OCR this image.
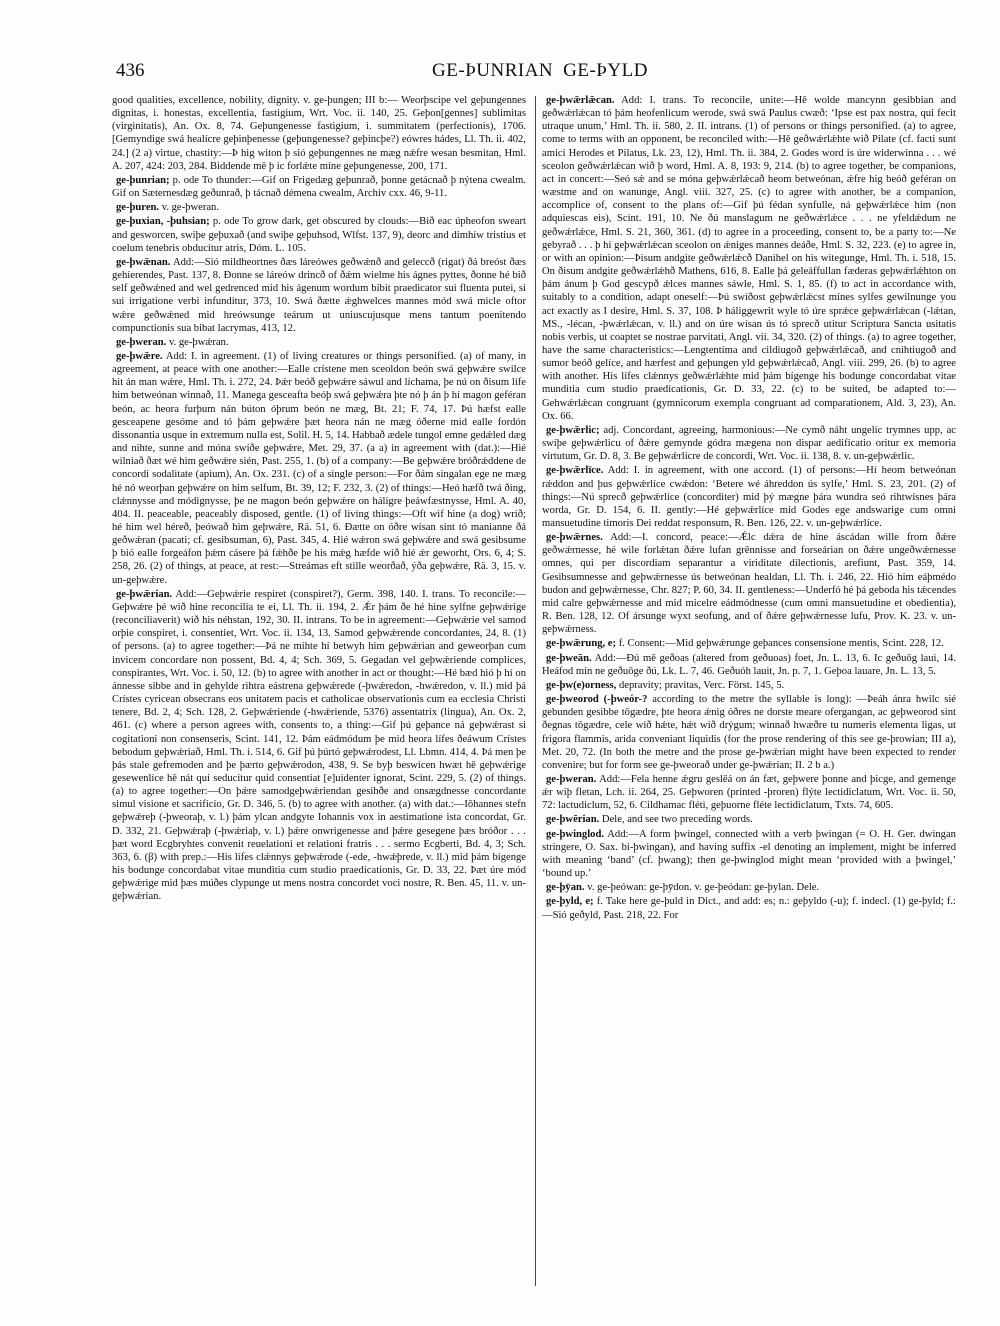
436	GE-ÞUNRIAN GE-ÞYLD

good qualities, excellence, nobility, dignity. v. ge-þungen; III b:— Weorþscipe vel geþungennes dignitas, i. honestas, excellentia, fastigium, Wrt. Voc. ii. 140, 25. Geþon[gennes] sublimitas (virginitatis), An. Ox. 8, 74. Geþungenesse fastigium, i. summitatem (perfectionis), 1706. [Gemyndige swá healícre geþinþenesse (geþungenesse? geþincþe?) eówres hádes, Ll. Th. ii. 402, 24.] (2 a) virtue, chastity:—Þ hig witon þ sió geþungennes ne mæg nǽfre wesan besmitan, Hml. A. 207, 424: 203, 284. Biddende mē þ ic forlǽte míne geþungenesse, 200, 171.

ge-þunrian; p. ode To thunder:—Gif on Frigedæg geþunrað, þonne getácnað þ nýtena cwealm. Gif on Sæternesdæg geðunrað, þ tácnað démena cwealm, Archiv cxx. 46, 9-11.

ge-þuren. v. ge-þweran.

ge-þuxian, -þuhsian; p. ode To grow dark, get obscured by clouds:—Bið eac úpheofon sweart and gesworcen, swiþe geþuxað (and swiþe geþuhsod, Wlfst. 137, 9), deorc and dimhíw tristius et coelum tenebris obducitur atris, Dóm. L. 105.

ge-þwǣnan. Add:—Sió mildheortnes ðæs láreówes geðwǽnð and geleccð (rigat) ðá breóst ðæs gehíerendes, Past. 137, 8. Ðonne se láreów drincð of ðǽm wielme his ágnes pyttes, ðonne hé bið self geðwǽned and wel gedrenced mid his ágenum wordum bibit praedicator sui fluenta putei, si sui irrigatione verbi infunditur, 373, 10. Swá ðætte ǽghwelces mannes mód swá micle oftor wǽre geðwǽned mid hreówsunge teárum ut uniuscujusque mens tantum poenitendo compunctionis sua bibat lacrymas, 413, 12.

ge-þweran. v. ge-þwǽran.

ge-þwǣre. Add: I. in agreement. (1) of living creatures or things personified. (a) of many, in agreement, at peace with one another:—Ealle crístene men sceoldon beón swá geþwǽre swilce hit án man wǽre, Hml. Th. i. 272, 24. Þǽr beóð geþwǽre sáwul and líchama, þe nú on ðisum lífe him betweónan winnað, 11. Manega gesceafta beóþ swá geþwǽra þte nó þ án þ hí magon geféran beón, ac heora furþum nán búton óþrum beón ne mæg, Bt. 21; F. 74, 17. Þú hæfst ealle gesceapene gesóme and tó þám geþwǽre þæt heora nán ne mæg óðerne mid ealle fordón dissonantia usque in extremum nulla est, Solil. H. 5, 14. Habbað ædele tungol emne gedǽled dæg and nihte, sunne and móna swíðe geþwǽre, Met. 29, 37. (a a) in agreement with (dat.):—Hié wilniað ðæt wé him geðwǽre sién, Past. 255, 1. (b) of a company:—Be geþwǽre bróðrǽddene de concordi sodalitate (apium), An. Ox. 231. (c) of a single person:—For ðám singalan ege ne mæg hé nó weorþan geþwǽre on him selfum, Bt. 39, 12; F. 232, 3. (2) of things:—Heó hæfð twá ðing, clǽnnysse and módignysse, þe ne magon beón geþwǽre on hálígre þeáwfæstnysse, Hml. A. 40, 404. II. peaceable, peaceably disposed, gentle. (1) of living things:—Oft wif hine (a dog) wríð; hé him wel héreð, þeówað him geþwǽre, Rä. 51, 6. Ðætte on óðre wísan sint tó manianne ðá geðwǽran (pacati; cf. gesibsuman, 6), Past. 345, 4. Hié wǽron swá geþwǽre and swá gesibsume þ bió ealle forgeáfon þǽm cásere þá fǽhðe þe his mǽg hæfde wið hié ǽr geworht, Ors. 6, 4; S. 258, 26. (2) of things, at peace, at rest:—Streámas eft stille weorðað, ýða geþwǽre, Rä. 3, 15. v. un-geþwǽre.

ge-þwǣrian. Add:—Geþwǽrie respiret (conspiret?), Germ. 398, 140. I. trans. To reconcile:—Geþwǽre þé wið hine reconcilia te ei, Ll. Th. ii. 194, 2. Ǽr þám ðe hé hine sylfne geþwǽrige (reconciliaverit) wið his néhstan, 192, 30. II. intrans. To be in agreement:—Geþwǽrie vel samod orþie conspiret, i. consentiet, Wrt. Voc. ii. 134, 13. Samod geþwǽrende concordantes, 24, 8. (1) of persons. (a) to agree together:—Þá ne mihte hí betwyh him geþwǽrian and geweorþan cum invicem concordare non possent, Bd. 4, 4; Sch. 369, 5. Gegadan vel geþwǽriende complices, conspirantes, Wrt. Voc. i. 50, 12. (b) to agree with another in act or thought:—Hé bæd hió þ hí on ánnesse sibbe and in gehylde rihtra eástrena geþwǽrede (-þwǽredon, -hwǽredon, v. ll.) mid þá Crístes cyricean obsecrans eos unitatem pacis et catholicae observationis cum ea ecclesia Christi tenere, Bd. 2, 4; Sch. 128, 2. Geþwǽriende (-hwǽriende, 5376) assentatrix (lingua), An. Ox. 2, 461. (c) where a person agrees with, consents to, a thing:—Gif þú geþance ná geþwǽrast si cogitationi non consenseris, Scint. 141, 12. Þám eádmódum þe mid heora lífes ðeáwum Crístes bebodum geþwǽriað, Hml. Th. i. 514, 6. Gif þú þúrtó geþwǽrodest, Ll. Lbmn. 414, 4. Þá men þe þás stale gefremoden and þe þærto geþwǽrodon, 438, 9. Se byþ beswicen hwæt hē geþwǽrige gesewenlíce hē nát qui seducitur quid consentiat [e]uidenter ignorat, Scint. 229, 5. (2) of things. (a) to agree together:—On þǽre samodgeþwǽriendan gesihðe and onsægdnesse concordante simul visione et sacrificio, Gr. D. 346, 5. (b) to agree with another. (a) with dat.:—Iōhannes stefn geþwǽreþ (-þweoraþ, v. l.) þám ylcan andgyte Iohannis vox in aestimatione ista concordat, Gr. D. 332, 21. Geþwǽraþ (-þwǽriaþ, v. l.) þǽre onwrigenesse and þǽre gesegene þæs bróðor . . . þæt word Ecgbryhtes convenit reuelationi et relationi fratris . . . sermo Ecgberti, Bd. 4, 3; Sch. 363, 6. (β) with prep.:—His lífes clǽnnys geþwǽrode (-ede, -hwǽþrede, v. ll.) mid þám bígenge his bodunge concordabat vitae munditia cum studio praedicationis, Gr. D. 33, 22. Þæt úre mód geþwǽrige mid þæs múðes clypunge ut mens nostra concordet voci nostre, R. Ben. 45, 11. v. un-geþwǽrian.

ge-þwǣrlǣcan. Add: I. trans. To reconcile, unite:—Hē wolde mancynn gesibbian and geðwǽrlǽcan tó þám heofenlicum werode, swá swá Paulus cwæð: ‘Ipse est pax nostra, qui fecit utraque unum,’ Hml. Th. ii. 580, 2. II. intrans. (1) of persons or things personified. (a) to agree, come to terms with an opponent, be reconciled with:—Hē geðwǽrlǽhte wið Pilate (cf. facti sunt amici Herodes et Pilatus, Lk. 23, 12), Hml. Th. ii. 384, 2. Godes word is úre widerwinna . . . wé sceolon geðwǽrlǽcan wið þ word, Hml. A. 8, 193: 9, 214. (b) to agree together, be companions, act in concert:—Seó sǽ and se móna geþwǽrlǽcað heom betweónan, ǽfre hig beóð geféran on wæstme and on wanunge, Angl. viii. 327, 25. (c) to agree with another, be a companion, accomplice of, consent to the plans of:—Gif þú fédan synfulle, ná geþwǽrlǽce him (non adquiescas eis), Scint. 191, 10. Ne ðú manslagum ne geðwǽrlǽce . . . ne yfeldǽdum ne geðwǽrlǽce, Hml. S. 21, 360, 361. (d) to agree in a proceeding, consent to, be a party to:—Ne gebyrað . . . þ hí geþwǽrlǽcan sceolon on ǽniges mannes deáðe, Hml. S. 32, 223. (e) to agree in, or with an opinion:—Þisum andgite geðwǽrlǽcð Danihel on his witegunge, Hml. Th. i. 518, 15. On ðisum andgite geðwǽrlǽhð Mathens, 616, 8. Ealle þá geleáffullan fæderas geþwǽrlǽhton on þám ánum þ God gescypð ǽlces mannes sáwle, Hml. S. 1, 85. (f) to act in accordance with, suitably to a condition, adapt oneself:—Þú swíðost geþwǽrlǽcst mínes sylfes gewilnunge you act exactly as I desire, Hml. S. 37, 108. Þ háliggewrit wyle tó úre sprǽce geþwǽrlǽcan (-lǽtan, MS., -lécan, -þwǽrlǽcan, v. ll.) and on úre wísan ús tó sprecð utitur Scriptura Sancta usitatis nobis verbis, ut coaptet se nostrae parvitati, Angl. vii. 34, 320. (2) of things. (a) to agree together, have the same characteristics:—Lengtentíma and cildiugoð geþwǽrlǽcað, and cnihtiugoð and sumor beóð gelíce, and hærfest and geþungen yld geþwǽrlǽcað, Angl. viii. 299, 26. (b) to agree with another. His lífes clǽnnys geðwǽrlǽhte mid þám bígenge his bodunge concordabat vitae munditia cum studio praedicationis, Gr. D. 33, 22. (c) to be suited, be adapted to:—Gehwǽrlǽcan congruant (gymnicorum exempla congruant ad comparationem, Ald. 3, 23), An. Ox. 66.

ge-þwǣrlic; adj. Concordant, agreeing, harmonious:—Ne cymð náht ungelíc trymnes upp, ac swíþe geþwǽrlicu of ðǽre gemynde gódra mægena non dispar aedificatio oritur ex memoria virtutum, Gr. D. 8, 3. Be geþwǽrlicre de concordi, Wrt. Voc. ii. 138, 8. v. un-geþwǽrlic.

ge-þwǣrlīce. Add: I. in agreement, with one accord. (1) of persons:—Hí heom betweónan rǽddon and þus geþwǽrlíce cwǽdon: ‘Betere wé áhreddon ús sylfe,’ Hml. S. 23, 201. (2) of things:—Nú sprecð geþwǽrlíce (concorditer) mid þý mægne þára wundra seó rihtwísnes þára worda, Gr. D. 154, 6. II. gently:—Hé geþwǽrlíce mid Godes ege andswarige cum omni mansuetudine timoris Dei reddat responsum, R. Ben. 126, 22. v. un-geþwǽrlíce.

ge-þwǣrnes. Add:—I. concord, peace:—Ǽlc dǽra de hine áscádan wille from ðǽre geðwǽrnesse, hé wile forlǽtan ðǽre lufan grēnnisse and forseárian on ðǽre ungeðwǽrnesse omnes, qui per discordiam separantur a viriditate dilectionis, arefiunt, Past. 359, 14. Gesibsumnesse and geþwǽrnesse ús betweónan healdan, Ll. Th. i. 246, 22. Hió him eáþmédo budon and geþwǽrnesse, Chr. 827; P. 60, 34. II. gentleness:—Underfó hé þá geboda his tǽcendes mid calre geþwǽrnesse and mid micelre eádmódnesse (cum omni mansuetudine et obedientia), R. Ben. 128, 12. Of ársunge wyxt seofung, and of ðǽre geþwǽrnesse lufu, Prov. K. 23. v. un-geþwǽrness.

ge-þwǣrung, e; f. Consent:—Mid geþwǽrunge geþances consensione mentis, Scint. 228, 12.

ge-þweān. Add:—Ðú mē geðoas (altered from geðuoas) foet, Jn. L. 13, 6. Ic geðuōg laui, 14. Heáfod mín ne geðuōge ðú, Lk. L. 7, 46. Geðuóh lauit, Jn. p. 7, 1. Geþoa lauare, Jn. L. 13, 5.

ge-þw(e)orness, depravity; pravitas, Verc. Först. 145, 5.

ge-þweorod (-þweór-? according to the metre the syllable is long): —Þeáh ánra hwilc sié gebunden gesibbe tōgædre, þte heora ǽnig óðres ne dorste meare ofergangan, ac geþweorod sint ðegnas tōgædre, cele wið hǽte, hǽt wið drýgum; winnað hwæðre tu numeris elementa ligas, ut frigora flammis, arida conveniant liquidis (for the prose rendering of this see ge-þrowian; III a), Met. 20, 72. (In both the metre and the prose ge-þwǽrian might have been expected to render convenire; but for form see ge-þweorað under ge-þwǽrian; II. 2 b a.)

ge-þweran. Add:—Fela henne ǽgru geslēá on án fæt, geþwere þonne and þicge, and gemenge ǽr wiþ fletan, Lch. ii. 264, 25. Geþworen (printed -þroren) flýte lectidiclatum, Wrt. Voc. ii. 50, 72: lactudiclum, 52, 6. Cildhamac fléti, geþuorne fléte lectidiclatum, Txts. 74, 605.

ge-þwērian. Dele, and see two preceding words.

ge-þwinglod. Add:—A form þwingel, connected with a verb þwingan (= O. H. Ger. dwingan stringere, O. Sax. bi-þwingan), and having suffix -el denoting an implement, might be inferred with meaning ‘band’ (cf. þwang); then ge-þwinglod might mean ‘provided with a þwingel,’ ‘bound up.’

ge-þȳan. v. ge-þeówan: ge-þȳdon. v. ge-þeódan: ge-þylan. Dele.

ge-þyld, e; f. Take here ge-þuld in Dict., and add: es; n.: geþyldo (-u); f. indecl. (1) ge-þyld; f.:—Sió geðyld, Past. 218, 22. For
